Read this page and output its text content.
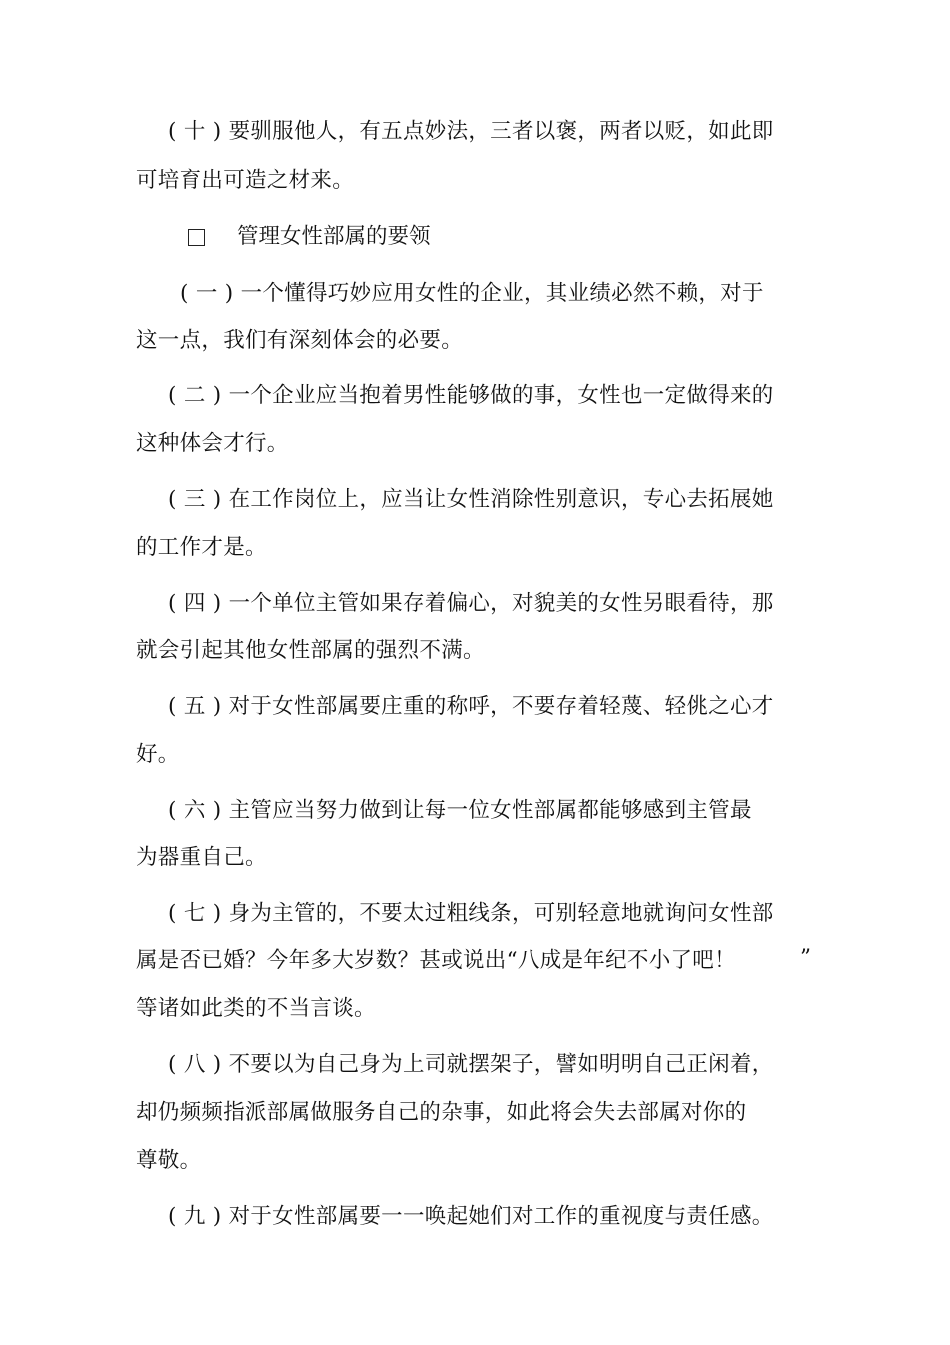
( 十 ) 要驯服他人，有五点妙法，三者以褒，两者以贬，如此即
可培育出可造之材来。
管理女性部属的要领
( 一 ) 一个懂得巧妙应用女性的企业，其业绩必然不赖，对于
这一点，我们有深刻体会的必要。
( 二 ) 一个企业应当抱着男性能够做的事，女性也一定做得来的
这种体会才行。
( 三 ) 在工作岗位上，应当让女性消除性别意识，专心去拓展她
的工作才是。
( 四 ) 一个单位主管如果存着偏心，对貌美的女性另眼看待，那
就会引起其他女性部属的强烈不满。
( 五 ) 对于女性部属要庄重的称呼，不要存着轻蔑、轻佻之心才
好。
( 六 ) 主管应当努力做到让每一位女性部属都能够感到主管最
为器重自己。
( 七 ) 身为主管的，不要太过粗线条，可别轻意地就询问女性部
属是否已婚？今年多大岁数？甚或说出“八成是年纪不小了吧！	”
等诸如此类的不当言谈。
( 八 ) 不要以为自己身为上司就摆架子，譬如明明自己正闲着，
却仍频频指派部属做服务自己的杂事，如此将会失去部属对你的
尊敬。
( 九 ) 对于女性部属要一一唤起她们对工作的重视度与责任感。
